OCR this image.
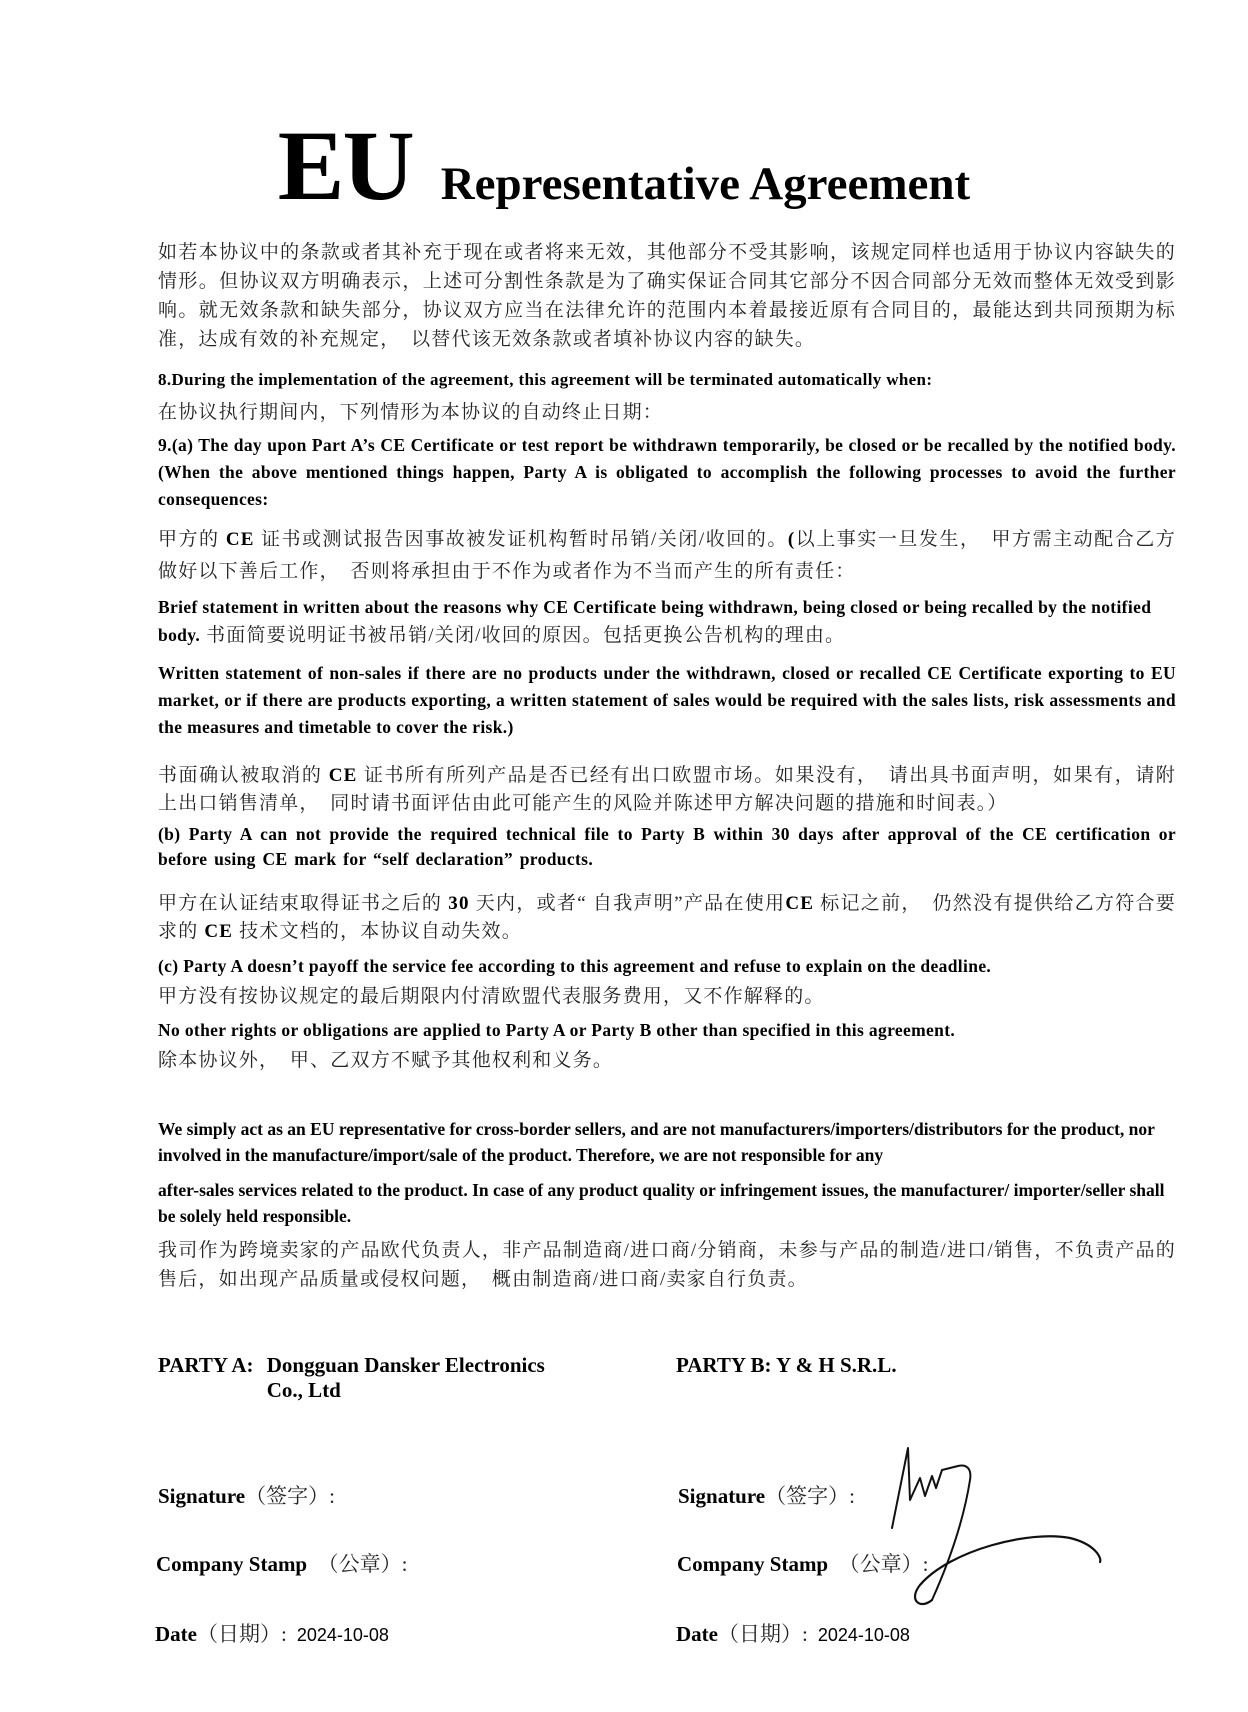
EU Representative Agreement
如若本协议中的条款或者其补充于现在或者将来无效，其他部分不受其影响，该规定同样也适用于协议内容缺失的情形。但协议双方明确表示，上述可分割性条款是为了确实保证合同其它部分不因合同部分无效而整体无效受到影响。就无效条款和缺失部分，协议双方应当在法律允许的范围内本着最接近原有合同目的，最能达到共同预期为标准，达成有效的补充规定，　以替代该无效条款或者填补协议内容的缺失。
8.During the implementation of the agreement, this agreement will be terminated automatically when:
在协议执行期间内，下列情形为本协议的自动终止日期：
9.(a) The day upon Part A’s CE Certificate or test report be withdrawn temporarily, be closed or be recalled by the notified body.(When the above mentioned things happen, Party A is obligated to accomplish the following processes to avoid the further consequences:
甲方的 CE 证书或测试报告因事故被发证机构暂时吊销/关闭/收回的。(以上事实一旦发生，　甲方需主动配合乙方做好以下善后工作，　否则将承担由于不作为或者作为不当而产生的所有责任：
Brief statement in written about the reasons why CE Certificate being withdrawn, being closed or being recalled by the notified body. 书面简要说明证书被吊销/关闭/收回的原因。包括更换公告机构的理由。
Written statement of non-sales if there are no products under the withdrawn, closed or recalled CE Certificate exporting to EU market, or if there are products exporting, a written statement of sales would be required with the sales lists, risk assessments and the measures and timetable to cover the risk.)
书面确认被取消的 CE 证书所有所列产品是否已经有出口欧盟市场。如果没有，　请出具书面声明，如果有，请附上出口销售清单，　同时请书面评估由此可能产生的风险并陈述甲方解决问题的措施和时间表。）
(b) Party A can not provide the required technical file to Party B within 30 days after approval of the CE certification or before using CE mark for “self declaration” products.
甲方在认证结束取得证书之后的 30 天内，或者“ 自我声明”产品在使用CE 标记之前，　仍然没有提供给乙方符合要求的 CE 技术文档的，本协议自动失效。
(c) Party A doesn’t payoff the service fee according to this agreement and refuse to explain on the deadline.
甲方没有按协议规定的最后期限内付清欧盟代表服务费用，又不作解释的。
No other rights or obligations are applied to Party A or Party B other than specified in this agreement.
除本协议外，　甲、乙双方不赋予其他权利和义务。
We simply act as an EU representative for cross-border sellers, and are not manufacturers/importers/distributors for the product, nor involved in the manufacture/import/sale of the product. Therefore, we are not responsible for any
after-sales services related to the product. In case of any product quality or infringement issues, the manufacturer/ importer/seller shall be solely held responsible.
我司作为跨境卖家的产品欧代负责人，非产品制造商/进口商/分销商，未参与产品的制造/进口/销售，不负责产品的售后，如出现产品质量或侵权问题，　概由制造商/进口商/卖家自行负责。
PARTY A: Dongguan Dansker Electronics
Co., Ltd
PARTY B: Y & H S.R.L.
Signature（签字）:
Company Stamp （公章）:
Date（日期）: 2024-10-08
Signature（签字）:
Company Stamp （公章）:
Date（日期）: 2024-10-08
